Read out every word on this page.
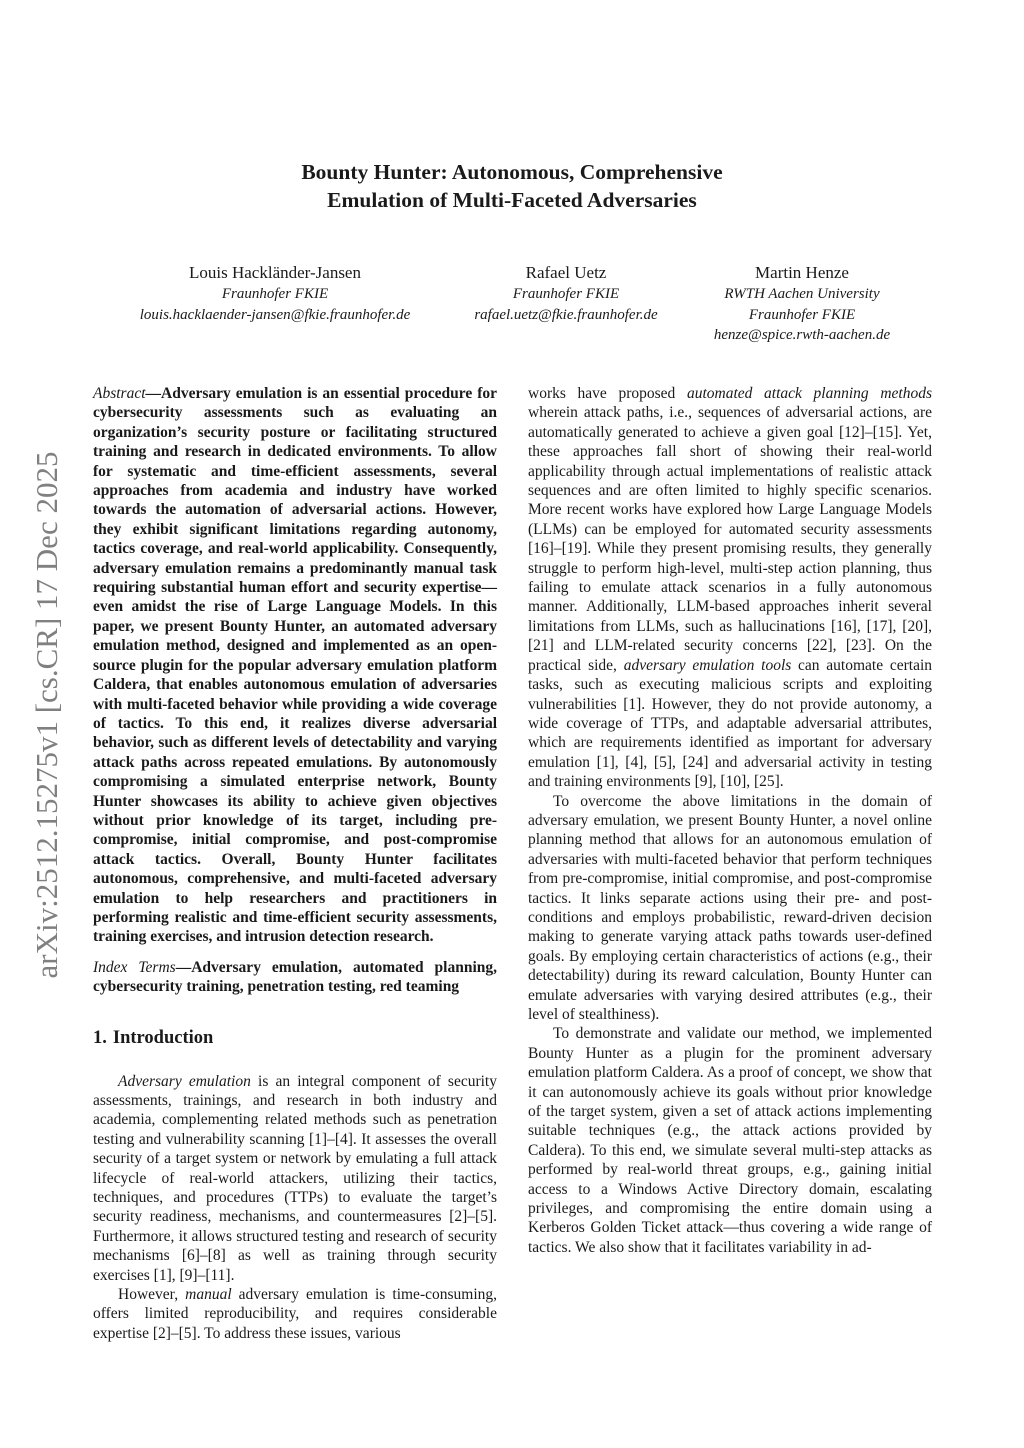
Bounty Hunter: Autonomous, Comprehensive
Emulation of Multi-Faceted Adversaries
Louis Hackländer-Jansen
Fraunhofer FKIE
louis.hacklaender-jansen@fkie.fraunhofer.de
Rafael Uetz
Fraunhofer FKIE
rafael.uetz@fkie.fraunhofer.de
Martin Henze
RWTH Aachen University
Fraunhofer FKIE
henze@spice.rwth-aachen.de
arXiv:2512.15275v1 [cs.CR] 17 Dec 2025

Abstract—Adversary emulation is an essential procedure for cybersecurity assessments such as evaluating an organization’s security posture or facilitating structured training and research in dedicated environments. To allow for systematic and time-efficient assessments, several approaches from academia and industry have worked towards the automation of adversarial actions. However, they exhibit significant limitations regarding autonomy, tactics coverage, and real-world applicability. Consequently, adversary emulation remains a predominantly manual task requiring substantial human effort and security expertise—even amidst the rise of Large Language Models. In this paper, we present Bounty Hunter, an automated adversary emulation method, designed and implemented as an open-source plugin for the popular adversary emulation platform Caldera, that enables autonomous emulation of adversaries with multi-faceted behavior while providing a wide coverage of tactics. To this end, it realizes diverse adversarial behavior, such as different levels of detectability and varying attack paths across repeated emulations. By autonomously compromising a simulated enterprise network, Bounty Hunter showcases its ability to achieve given objectives without prior knowledge of its target, including pre-compromise, initial compromise, and post-compromise attack tactics. Overall, Bounty Hunter facilitates autonomous, comprehensive, and multi-faceted adversary emulation to help researchers and practitioners in performing realistic and time-efficient security assessments, training exercises, and intrusion detection research.

Index Terms—Adversary emulation, automated planning, cybersecurity training, penetration testing, red teaming

1. Introduction

Adversary emulation is an integral component of security assessments, trainings, and research in both industry and academia, complementing related methods such as penetration testing and vulnerability scanning [1]–[4]. It assesses the overall security of a target system or network by emulating a full attack lifecycle of real-world attackers, utilizing their tactics, techniques, and procedures (TTPs) to evaluate the target’s security readiness, mechanisms, and countermeasures [2]–[5]. Furthermore, it allows structured testing and research of security mechanisms [6]–[8] as well as training through security exercises [1], [9]–[11].

However, manual adversary emulation is time-consuming, offers limited reproducibility, and requires considerable expertise [2]–[5]. To address these issues, various

works have proposed automated attack planning methods wherein attack paths, i.e., sequences of adversarial actions, are automatically generated to achieve a given goal [12]–[15]. Yet, these approaches fall short of showing their real-world applicability through actual implementations of realistic attack sequences and are often limited to highly specific scenarios. More recent works have explored how Large Language Models (LLMs) can be employed for automated security assessments [16]–[19]. While they present promising results, they generally struggle to perform high-level, multi-step action planning, thus failing to emulate attack scenarios in a fully autonomous manner. Additionally, LLM-based approaches inherit several limitations from LLMs, such as hallucinations [16], [17], [20], [21] and LLM-related security concerns [22], [23]. On the practical side, adversary emulation tools can automate certain tasks, such as executing malicious scripts and exploiting vulnerabilities [1]. However, they do not provide autonomy, a wide coverage of TTPs, and adaptable adversarial attributes, which are requirements identified as important for adversary emulation [1], [4], [5], [24] and adversarial activity in testing and training environments [9], [10], [25].

To overcome the above limitations in the domain of adversary emulation, we present Bounty Hunter, a novel online planning method that allows for an autonomous emulation of adversaries with multi-faceted behavior that perform techniques from pre-compromise, initial compromise, and post-compromise tactics. It links separate actions using their pre- and post-conditions and employs probabilistic, reward-driven decision making to generate varying attack paths towards user-defined goals. By employing certain characteristics of actions (e.g., their detectability) during its reward calculation, Bounty Hunter can emulate adversaries with varying desired attributes (e.g., their level of stealthiness).

To demonstrate and validate our method, we implemented Bounty Hunter as a plugin for the prominent adversary emulation platform Caldera. As a proof of concept, we show that it can autonomously achieve its goals without prior knowledge of the target system, given a set of attack actions implementing suitable techniques (e.g., the attack actions provided by Caldera). To this end, we simulate several multi-step attacks as performed by real-world threat groups, e.g., gaining initial access to a Windows Active Directory domain, escalating privileges, and compromising the entire domain using a Kerberos Golden Ticket attack—thus covering a wide range of tactics. We also show that it facilitates variability in ad-
